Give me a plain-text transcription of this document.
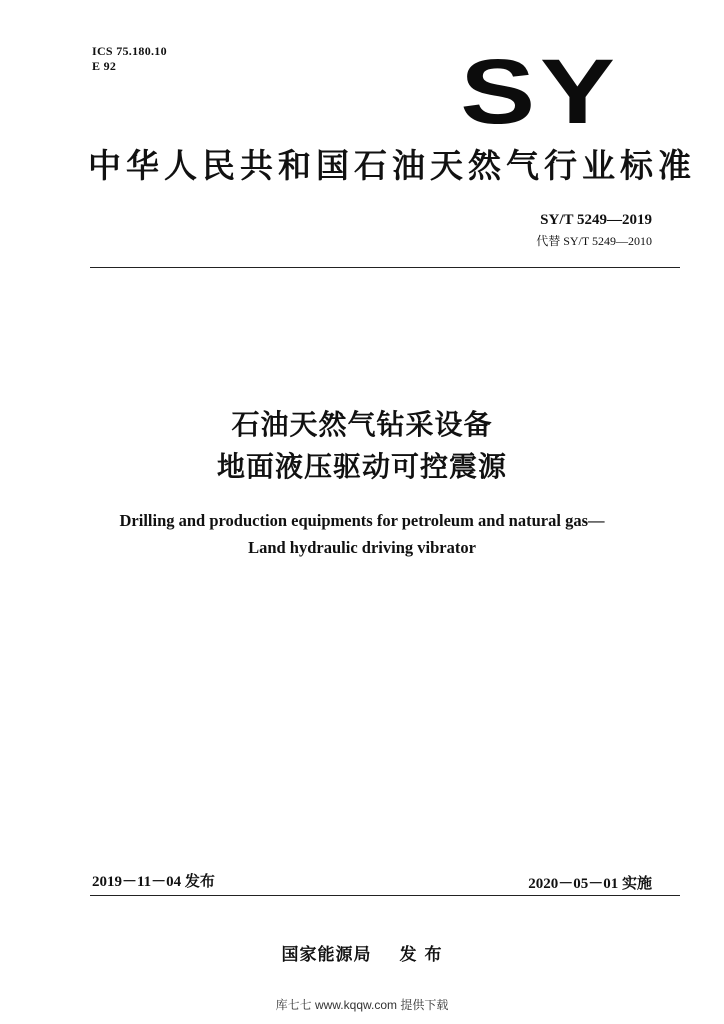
ICS 75.180.10
E 92	SY
中华人民共和国石油天然气行业标准
SY/T 5249—2019
代替 SY/T 5249—2010
石油天然气钻采设备
地面液压驱动可控震源
Drilling and production equipments for petroleum and natural gas—
Land hydraulic driving vibrator
2019－11－04 发布	2020－05－01 实施
国家能源局 发 布
库七七 www.kqqw.com 提供下载
